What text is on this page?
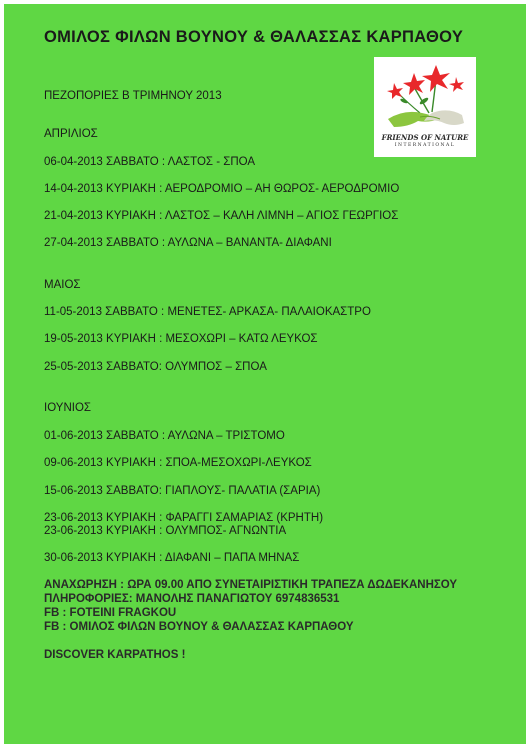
ΟΜΙΛΟΣ ΦΙΛΩΝ ΒΟΥΝΟΥ & ΘΑΛΑΣΣΑΣ ΚΑΡΠΑΘΟΥ
ΠΕΖΟΠΟΡΙΕΣ Β ΤΡΙΜΗΝΟΥ 2013
FRIENDS OF NATURE
INTERNATIONAL
ΑΠΡΙΛΙΟΣ
06-04-2013 ΣΑΒΒΑΤΟ : ΛΑΣΤΟΣ - ΣΠΟΑ
14-04-2013 ΚΥΡΙΑΚΗ : ΑΕΡΟΔΡΟΜΙΟ – ΑΗ ΘΩΡΟΣ- ΑΕΡΟΔΡΟΜΙΟ
21-04-2013 ΚΥΡΙΑΚΗ : ΛΑΣΤΟΣ – ΚΑΛΗ ΛΙΜΝΗ – ΑΓΙΟΣ ΓΕΩΡΓΙΟΣ
27-04-2013 ΣΑΒΒΑΤΟ : ΑΥΛΩΝΑ – ΒΑΝΑΝΤΑ- ΔΙΑΦΑΝΙ
ΜΑΙΟΣ
11-05-2013 ΣΑΒΒΑΤΟ : ΜΕΝΕΤΕΣ- ΑΡΚΑΣΑ- ΠΑΛΑΙΟΚΑΣΤΡΟ
19-05-2013 ΚΥΡΙΑΚΗ : ΜΕΣΟΧΩΡΙ – ΚΑΤΩ ΛΕΥΚΟΣ
25-05-2013 ΣΑΒΒΑΤΟ: ΟΛΥΜΠΟΣ – ΣΠΟΑ
ΙΟΥΝΙΟΣ
01-06-2013 ΣΑΒΒΑΤΟ : ΑΥΛΩΝΑ – ΤΡΙΣΤΟΜΟ
09-06-2013 ΚΥΡΙΑΚΗ : ΣΠΟΑ-ΜΕΣΟΧΩΡΙ-ΛΕΥΚΟΣ
15-06-2013 ΣΑΒΒΑΤΟ: ΓΙΑΠΛΟΥΣ- ΠΑΛΑΤΙΑ (ΣΑΡΙΑ)
23-06-2013 ΚΥΡΙΑΚΗ : ΦΑΡΑΓΓΙ ΣΑΜΑΡΙΑΣ (ΚΡΗΤΗ)
23-06-2013 ΚΥΡΙΑΚΗ : ΟΛΥΜΠΟΣ- ΑΓΝΩΝΤΙΑ
30-06-2013 ΚΥΡΙΑΚΗ : ΔΙΑΦΑΝΙ – ΠΑΠΑ ΜΗΝΑΣ
ΑΝΑΧΩΡΗΣΗ : ΩΡΑ 09.00 ΑΠΟ ΣΥΝΕΤΑΙΡΙΣΤΙΚΗ ΤΡΑΠΕΖΑ ΔΩΔΕΚΑΝΗΣΟΥ
ΠΛΗΡΟΦΟΡΙΕΣ: ΜΑΝΟΛΗΣ ΠΑΝΑΓΙΩΤΟΥ 6974836531
FB : FOTEINI FRAGKOU
FB : ΟΜΙΛΟΣ ΦΙΛΩΝ ΒΟΥΝΟΥ & ΘΑΛΑΣΣΑΣ ΚΑΡΠΑΘΟΥ
DISCOVER KARPATHOS !
